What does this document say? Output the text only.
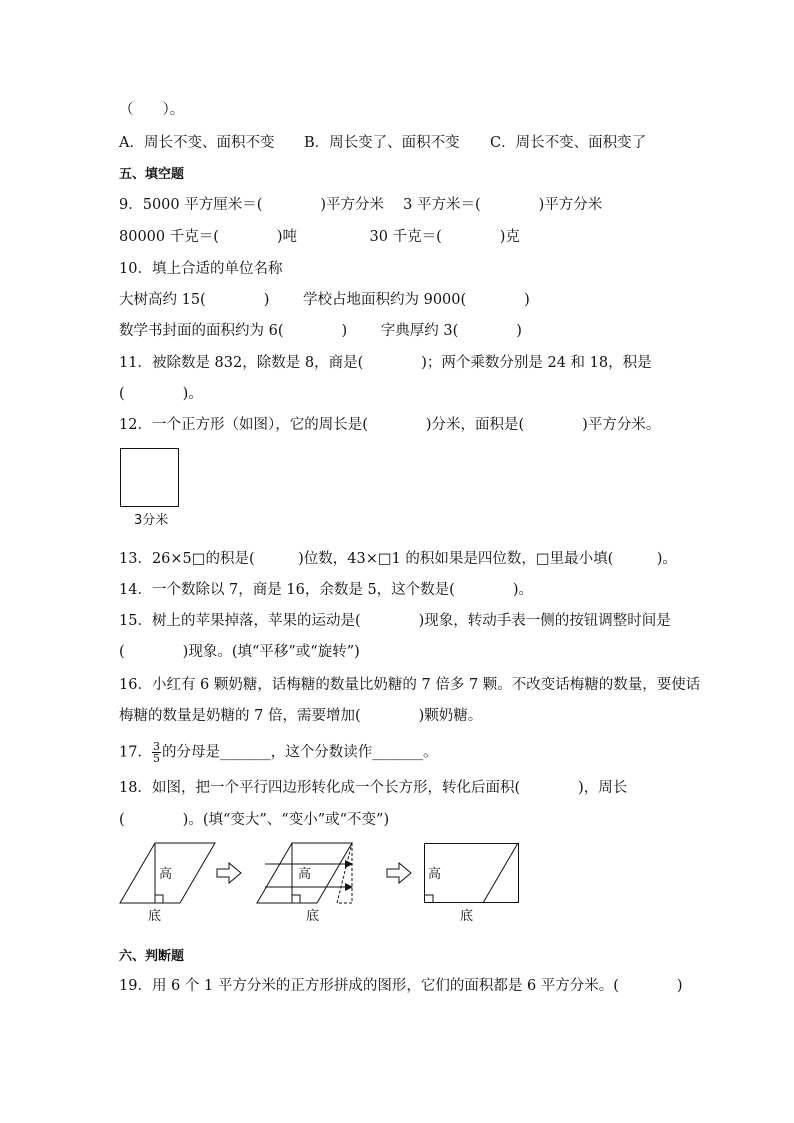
（　　）。
A．周长不变、面积不变 B．周长变了、面积不变 C．周长不变、面积变了
五、填空题
9．5000 平方厘米＝(　　　　)平方分米　 3 平方米＝(　　　　)平方分米
80000 千克＝(　　　　)吨　　　　　30 千克＝(　　　　)克
10．填上合适的单位名称
大树高约 15(　　　　)　　 学校占地面积约为 9000(　　　　)
数学书封面的面积约为 6(　　　　)　　 字典厚约 3(　　　　)
11．被除数是 832，除数是 8，商是(　　　　)；两个乘数分别是 24 和 18，积是
(　　　　)。
12．一个正方形（如图），它的周长是(　　　　)分米，面积是(　　　　)平方分米。
3分米
13．26×5□的积是(　　　)位数，43×□1 的积如果是四位数，□里最小填(　　　)。
14．一个数除以 7，商是 16，余数是 5，这个数是(　　　　)。
15．树上的苹果掉落，苹果的运动是(　　　　)现象，转动手表一侧的按钮调整时间是
(　　　　)现象。(填“平移”或“旋转”)
16．小红有 6 颗奶糖，话梅糖的数量比奶糖的 7 倍多 7 颗。不改变话梅糖的数量，要使话
梅糖的数量是奶糖的 7 倍，需要增加(　　　　)颗奶糖。
17． $\frac{3}{5}$ 的分母是_______，这个分数读作_______。
18．如图，把一个平行四边形转化成一个长方形，转化后面积(　　　　)，周长
(　　　　)。(填“变大”、“变小”或“不变”)
高
底
高
底
高
底
六、判断题
19．用 6 个 1 平方分米的正方形拼成的图形，它们的面积都是 6 平方分米。(　　　　)
